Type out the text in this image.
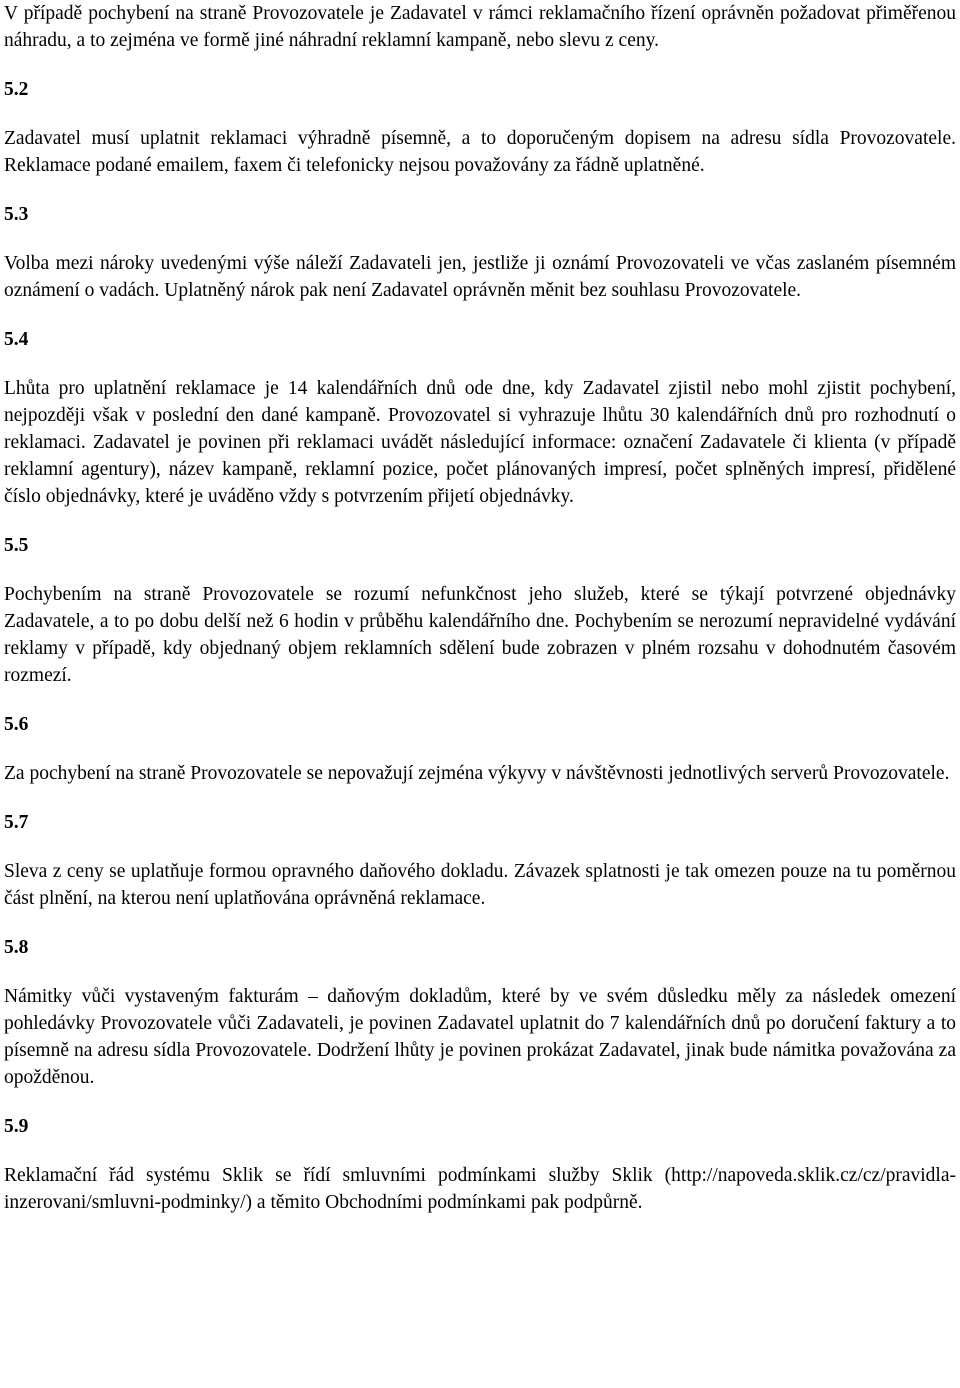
V případě pochybení na straně Provozovatele je Zadavatel v rámci reklamačního řízení oprávněn požadovat přiměřenou náhradu, a to zejména ve formě jiné náhradní reklamní kampaně, nebo slevu z ceny.

5.2

Zadavatel musí uplatnit reklamaci výhradně písemně, a to doporučeným dopisem na adresu sídla Provozovatele. Reklamace podané emailem, faxem či telefonicky nejsou považovány za řádně uplatněné.

5.3

Volba mezi nároky uvedenými výše náleží Zadavateli jen, jestliže ji oznámí Provozovateli ve včas zaslaném písemném oznámení o vadách. Uplatněný nárok pak není Zadavatel oprávněn měnit bez souhlasu Provozovatele.

5.4

Lhůta pro uplatnění reklamace je 14 kalendářních dnů ode dne, kdy Zadavatel zjistil nebo mohl zjistit pochybení, nejpozději však v poslední den dané kampaně. Provozovatel si vyhrazuje lhůtu 30 kalendářních dnů pro rozhodnutí o reklamaci. Zadavatel je povinen při reklamaci uvádět následující informace: označení Zadavatele či klienta (v případě reklamní agentury), název kampaně, reklamní pozice, počet plánovaných impresí, počet splněných impresí, přidělené číslo objednávky, které je uváděno vždy s potvrzením přijetí objednávky.

5.5

Pochybením na straně Provozovatele se rozumí nefunkčnost jeho služeb, které se týkají potvrzené objednávky Zadavatele, a to po dobu delší než 6 hodin v průběhu kalendářního dne. Pochybením se nerozumí nepravidelné vydávání reklamy v případě, kdy objednaný objem reklamních sdělení bude zobrazen v plném rozsahu v dohodnutém časovém rozmezí.

5.6

Za pochybení na straně Provozovatele se nepovažují zejména výkyvy v návštěvnosti jednotlivých serverů Provozovatele.

5.7

Sleva z ceny se uplatňuje formou opravného daňového dokladu. Závazek splatnosti je tak omezen pouze na tu poměrnou část plnění, na kterou není uplatňována oprávněná reklamace.

5.8

Námitky vůči vystaveným fakturám – daňovým dokladům, které by ve svém důsledku měly za následek omezení pohledávky Provozovatele vůči Zadavateli, je povinen Zadavatel uplatnit do 7 kalendářních dnů po doručení faktury a to písemně na adresu sídla Provozovatele. Dodržení lhůty je povinen prokázat Zadavatel, jinak bude námitka považována za opožděnou.

5.9

Reklamační řád systému Sklik se řídí smluvními podmínkami služby Sklik (http://napoveda.sklik.cz/cz/pravidla-inzerovani/smluvni-podminky/) a těmito Obchodními podmínkami pak podpůrně.
